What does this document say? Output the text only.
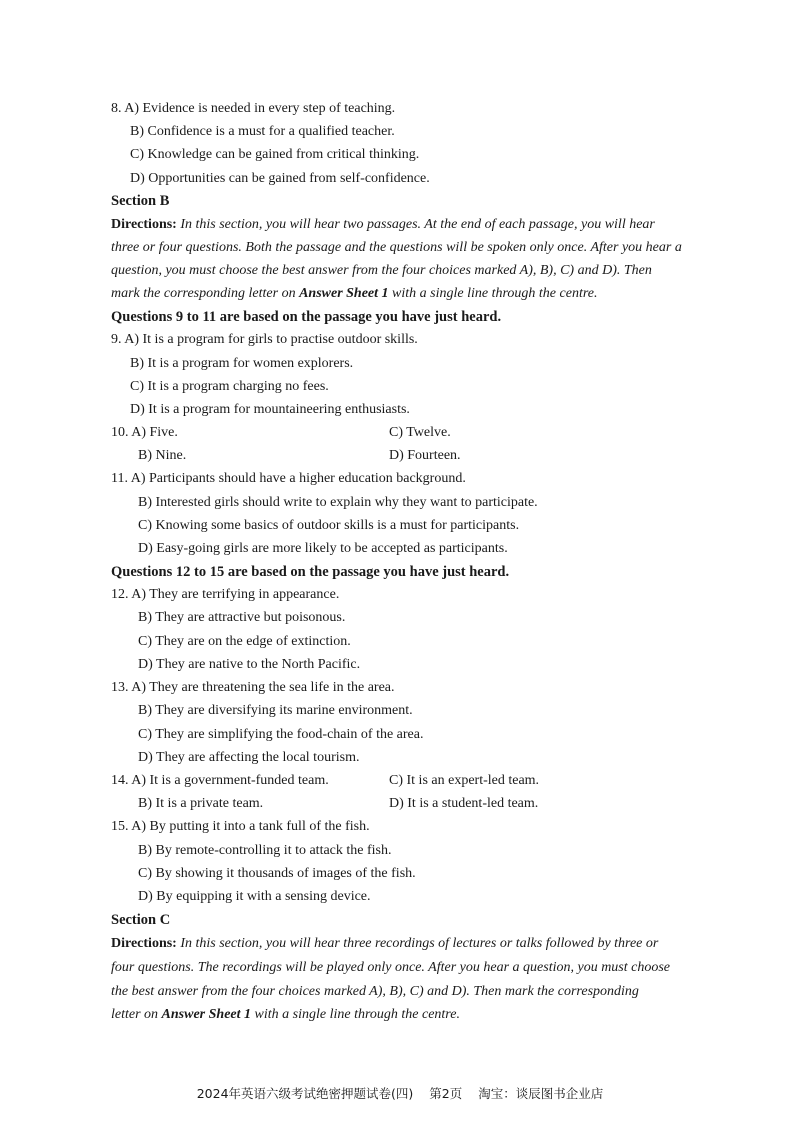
8. A) Evidence is needed in every step of teaching.
B) Confidence is a must for a qualified teacher.
C) Knowledge can be gained from critical thinking.
D) Opportunities can be gained from self-confidence.
Section B
Directions: In this section, you will hear two passages. At the end of each passage, you will hear
three or four questions. Both the passage and the questions will be spoken only once. After you hear a
question, you must choose the best answer from the four choices marked A), B), C) and D). Then
mark the corresponding letter on Answer Sheet 1 with a single line through the centre.
Questions 9 to 11 are based on the passage you have just heard.
9. A) It is a program for girls to practise outdoor skills.
B) It is a program for women explorers.
C) It is a program charging no fees.
D) It is a program for mountaineering enthusiasts.
10. A) Five.	C) Twelve.
B) Nine.	D) Fourteen.
11. A) Participants should have a higher education background.
B) Interested girls should write to explain why they want to participate.
C) Knowing some basics of outdoor skills is a must for participants.
D) Easy-going girls are more likely to be accepted as participants.
Questions 12 to 15 are based on the passage you have just heard.
12. A) They are terrifying in appearance.
B) They are attractive but poisonous.
C) They are on the edge of extinction.
D) They are native to the North Pacific.
13. A) They are threatening the sea life in the area.
B) They are diversifying its marine environment.
C) They are simplifying the food-chain of the area.
D) They are affecting the local tourism.
14. A) It is a government-funded team.	C) It is an expert-led team.
B) It is a private team.	D) It is a student-led team.
15. A) By putting it into a tank full of the fish.
B) By remote-controlling it to attack the fish.
C) By showing it thousands of images of the fish.
D) By equipping it with a sensing device.
Section C
Directions: In this section, you will hear three recordings of lectures or talks followed by three or
four questions. The recordings will be played only once. After you hear a question, you must choose
the best answer from the four choices marked A), B), C) and D). Then mark the corresponding
letter on Answer Sheet 1 with a single line through the centre.
2024年英语六级考试绝密押题试卷(四) 第2页 淘宝：谈辰图书企业店
